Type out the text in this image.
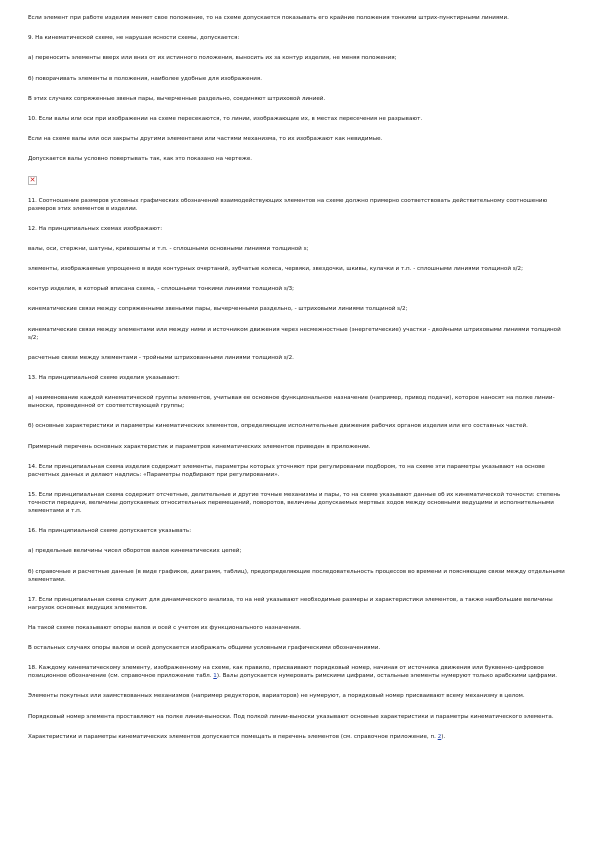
Если элемент при работе изделия меняет свое положение, то на схеме допускается показывать его крайние положения тонкими штрих-пунктирными линиями.

9. На кинематической схеме, не нарушая ясности схемы, допускается:

а) переносить элементы вверх или вниз от их истинного положения, выносить их за контур изделия, не меняя положения;

б) поворачивать элементы в положения, наиболее удобные для изображения.

В этих случаях сопряженные звенья пары, вычерченные раздельно, соединяют штриховой линией.

10. Если валы или оси при изображении на схеме пересекаются, то линии, изображающие их, в местах пересечения не разрывают.

Если на схеме валы или оси закрыты другими элементами или частями механизма, то их изображают как невидимые.

Допускается валы условно повертывать так, как это показано на чертеже.

✕

11. Соотношение размеров условных графических обозначений взаимодействующих элементов на схеме должно примерно соответствовать действительному соотношению размеров этих элементов в изделии.

12. На принципиальных схемах изображают:

валы, оси, стержни, шатуны, кривошипы и т.п. - сплошными основными линиями толщиной s;

элементы, изображаемые упрощенно в виде контурных очертаний, зубчатые колеса, червяки, звездочки, шкивы, кулачки и т.п. - сплошными линиями толщиной s/2;

контур изделия, в который вписана схема, - сплошными тонкими линиями толщиной s/3;

кинематические связи между сопряженными звеньями пары, вычерченными раздельно, - штриховыми линиями толщиной s/2;

кинематические связи между элементами или между ними и источником движения через несмежностные (энергетические) участки - двойными штриховыми линиями толщиной s/2;

расчетные связи между элементами - тройными штрихованными линиями толщиной s/2.

13. На принципиальной схеме изделия указывают:

а) наименование каждой кинематической группы элементов, учитывая ее основное функциональное назначение (например, привод подачи), которое наносят на полке линии-выноски, проведенной от соответствующей группы;

б) основные характеристики и параметры кинематических элементов, определяющие исполнительные движения рабочих органов изделия или его составных частей.

Примерный перечень основных характеристик и параметров кинематических элементов приведен в приложении.

14. Если принципиальная схема изделия содержит элементы, параметры которых уточняют при регулировании подбором, то на схеме эти параметры указывают на основе расчетных данных и делают надпись: «Параметры подбирают при регулировании».

15. Если принципиальная схема содержит отсчетные, делительные и другие точные механизмы и пары, то на схеме указывают данные об их кинематической точности: степень точности передачи, величины допускаемых относительных перемещений, поворотов, величины допускаемых мертвых ходов между основными ведущими и исполнительными элементами и т.п.

16. На принципиальной схеме допускается указывать:

а) предельные величины чисел оборотов валов кинематических цепей;

б) справочные и расчетные данные (в виде графиков, диаграмм, таблиц), предопределяющие последовательность процессов во времени и поясняющие связи между отдельными элементами.

17. Если принципиальная схема служит для динамического анализа, то на ней указывают необходимые размеры и характеристики элементов, а также наибольшие величины нагрузок основных ведущих элементов.

На такой схеме показывают опоры валов и осей с учетом их функционального назначения.

В остальных случаях опоры валов и осей допускается изображать общими условными графическими обозначениями.

18. Каждому кинематическому элементу, изображенному на схеме, как правило, присваивают порядковый номер, начиная от источника движения или буквенно-цифровое позиционное обозначение (см. справочное приложение табл. 1). Валы допускается нумеровать римскими цифрами, остальные элементы нумеруют только арабскими цифрами.

Элементы покупных или заимствованных механизмов (например редукторов, вариаторов) не нумеруют, а порядковый номер присваивают всему механизму в целом.

Порядковый номер элемента проставляют на полке линии-выноски. Под полкой линии-выноски указывают основные характеристики и параметры кинематического элемента.

Характеристики и параметры кинематических элементов допускается помещать в перечень элементов (см. справочное приложение, п. 2).
